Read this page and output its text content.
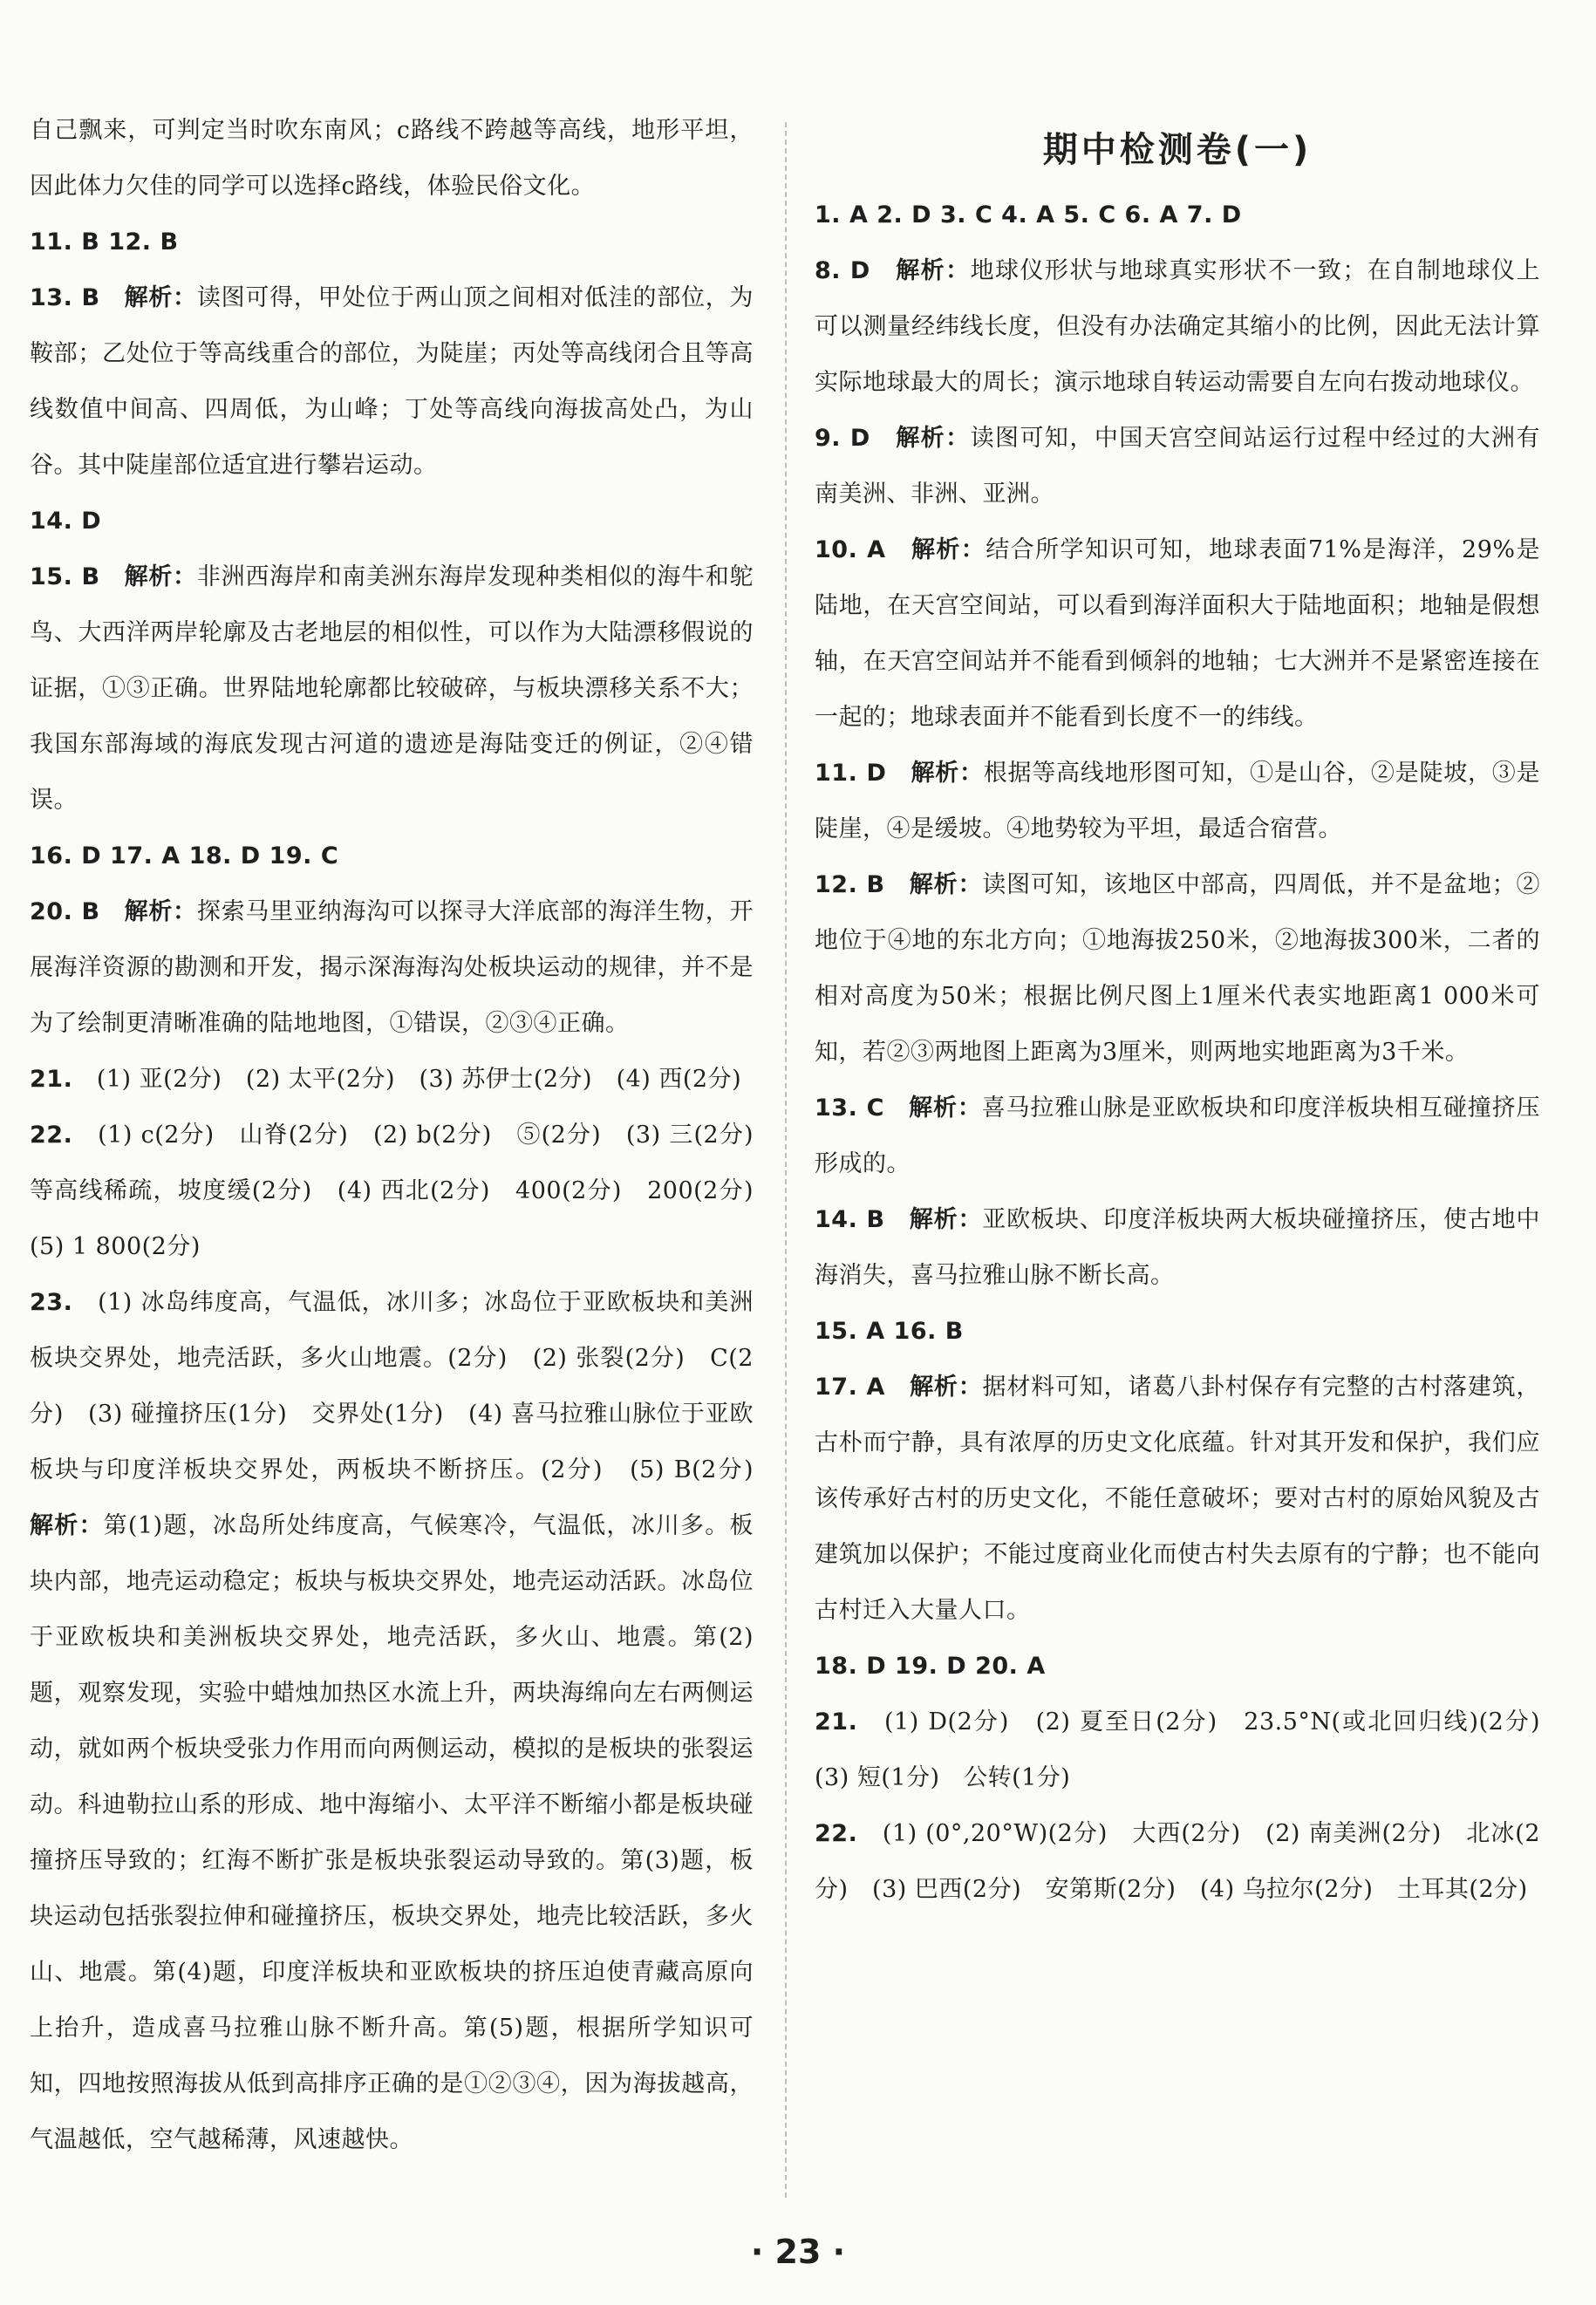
自己飘来，可判定当时吹东南风；c路线不跨越等高线，地形平坦，因此体力欠佳的同学可以选择c路线，体验民俗文化。

11. B 12. B　

13. B　 解析：读图可得，甲处位于两山顶之间相对低洼的部位，为鞍部；乙处位于等高线重合的部位，为陡崖；丙处等高线闭合且等高线数值中间高、四周低，为山峰；丁处等高线向海拔高处凸，为山谷。其中陡崖部位适宜进行攀岩运动。

14. D　

15. B　 解析：非洲西海岸和南美洲东海岸发现种类相似的海牛和鸵鸟、大西洋两岸轮廓及古老地层的相似性，可以作为大陆漂移假说的证据，①③正确。世界陆地轮廓都比较破碎，与板块漂移关系不大；我国东部海域的海底发现古河道的遗迹是海陆变迁的例证，②④错误。

16. D 17. A 18. D 19. C　

20. B　 解析：探索马里亚纳海沟可以探寻大洋底部的海洋生物，开展海洋资源的勘测和开发，揭示深海海沟处板块运动的规律，并不是为了绘制更清晰准确的陆地地图，①错误，②③④正确。

21.　 (1) 亚(2分)　(2) 太平(2分)　(3) 苏伊士(2分)　(4) 西(2分)

22.　 (1) c(2分)　山脊(2分)　(2) b(2分)　⑤(2分)　(3) 三(2分)　等高线稀疏，坡度缓(2分)　(4) 西北(2分)　400(2分)　200(2分)　(5) 1 800(2分)

23.　 (1) 冰岛纬度高，气温低，冰川多；冰岛位于亚欧板块和美洲板块交界处，地壳活跃，多火山地震。(2分)　(2) 张裂(2分)　C(2分)　(3) 碰撞挤压(1分)　交界处(1分)　(4) 喜马拉雅山脉位于亚欧板块与印度洋板块交界处，两板块不断挤压。(2分)　(5) B(2分)　解析：第(1)题，冰岛所处纬度高，气候寒冷，气温低，冰川多。板块内部，地壳运动稳定；板块与板块交界处，地壳运动活跃。冰岛位于亚欧板块和美洲板块交界处，地壳活跃，多火山、地震。第(2)题，观察发现，实验中蜡烛加热区水流上升，两块海绵向左右两侧运动，就如两个板块受张力作用而向两侧运动，模拟的是板块的张裂运动。科迪勒拉山系的形成、地中海缩小、太平洋不断缩小都是板块碰撞挤压导致的；红海不断扩张是板块张裂运动导致的。第(3)题，板块运动包括张裂拉伸和碰撞挤压，板块交界处，地壳比较活跃，多火山、地震。第(4)题，印度洋板块和亚欧板块的挤压迫使青藏高原向上抬升，造成喜马拉雅山脉不断升高。第(5)题，根据所学知识可知，四地按照海拔从低到高排序正确的是①②③④，因为海拔越高，气温越低，空气越稀薄，风速越快。

期中检测卷(一)

1. A 2. D 3. C 4. A 5. C 6. A 7. D　

8. D　 解析：地球仪形状与地球真实形状不一致；在自制地球仪上可以测量经纬线长度，但没有办法确定其缩小的比例，因此无法计算实际地球最大的周长；演示地球自转运动需要自左向右拨动地球仪。

9. D　 解析：读图可知，中国天宫空间站运行过程中经过的大洲有南美洲、非洲、亚洲。

10. A　 解析：结合所学知识可知，地球表面71%是海洋，29%是陆地，在天宫空间站，可以看到海洋面积大于陆地面积；地轴是假想轴，在天宫空间站并不能看到倾斜的地轴；七大洲并不是紧密连接在一起的；地球表面并不能看到长度不一的纬线。

11. D　 解析：根据等高线地形图可知，①是山谷，②是陡坡，③是陡崖，④是缓坡。④地势较为平坦，最适合宿营。

12. B　 解析：读图可知，该地区中部高，四周低，并不是盆地；②地位于④地的东北方向；①地海拔250米，②地海拔300米，二者的相对高度为50米；根据比例尺图上1厘米代表实地距离1 000米可知，若②③两地图上距离为3厘米，则两地实地距离为3千米。

13. C　 解析：喜马拉雅山脉是亚欧板块和印度洋板块相互碰撞挤压形成的。

14. B　 解析：亚欧板块、印度洋板块两大板块碰撞挤压，使古地中海消失，喜马拉雅山脉不断长高。

15. A 16. B　

17. A　 解析：据材料可知，诸葛八卦村保存有完整的古村落建筑，古朴而宁静，具有浓厚的历史文化底蕴。针对其开发和保护，我们应该传承好古村的历史文化，不能任意破坏；要对古村的原始风貌及古建筑加以保护；不能过度商业化而使古村失去原有的宁静；也不能向古村迁入大量人口。

18. D 19. D 20. A　

21.　 (1) D(2分)　(2) 夏至日(2分)　23.5°N(或北回归线)(2分)　(3) 短(1分)　公转(1分)

22.　 (1) (0°,20°W)(2分)　大西(2分)　(2) 南美洲(2分)　北冰(2分)　(3) 巴西(2分)　安第斯(2分)　(4) 乌拉尔(2分)　土耳其(2分)

· 23 ·
